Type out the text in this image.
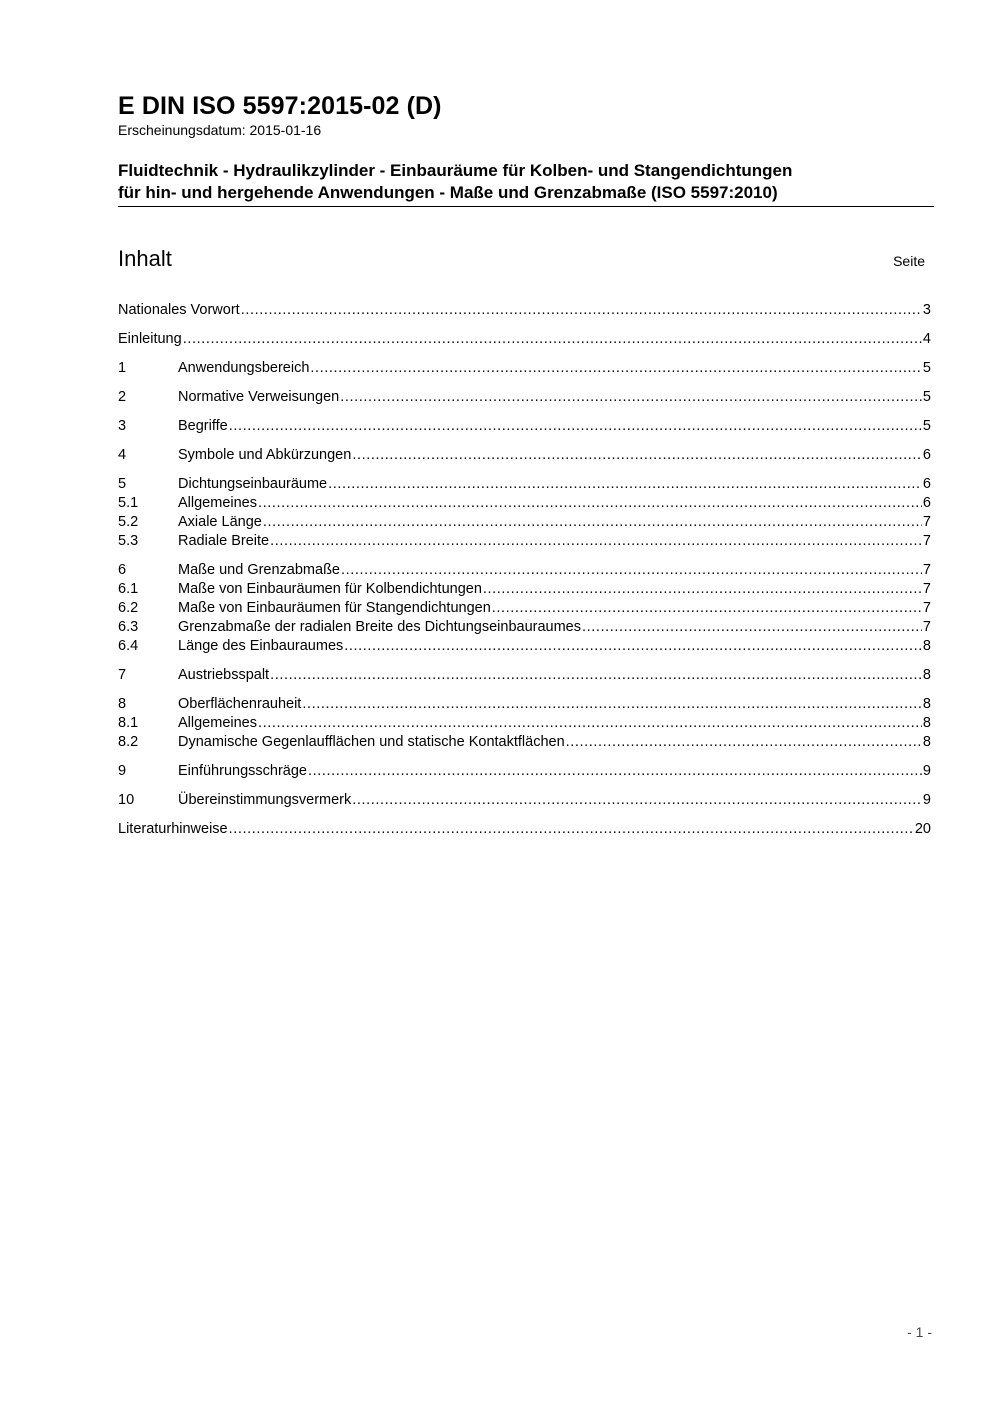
E DIN ISO 5597:2015-02 (D)
Erscheinungsdatum: 2015-01-16
Fluidtechnik - Hydraulikzylinder - Einbauräume für Kolben- und Stangendichtungen
für hin- und hergehende Anwendungen - Maße und Grenzabmaße (ISO 5597:2010)
Inhalt	Seite
Nationales Vorwort .....	3
Einleitung .....	4
1	Anwendungsbereich .....	5
2	Normative Verweisungen .....	5
3	Begriffe .....	5
4	Symbole und Abkürzungen .....	6
5	Dichtungseinbauräume .....	6
5.1	Allgemeines .....	6
5.2	Axiale Länge .....	7
5.3	Radiale Breite .....	7
6	Maße und Grenzabmaße .....	7
6.1	Maße von Einbauräumen für Kolbendichtungen .....	7
6.2	Maße von Einbauräumen für Stangendichtungen .....	7
6.3	Grenzabmaße der radialen Breite des Dichtungseinbauraumes .....	7
6.4	Länge des Einbauraumes .....	8
7	Austriebsspalt .....	8
8	Oberflächenrauheit .....	8
8.1	Allgemeines .....	8
8.2	Dynamische Gegenlaufflächen und statische Kontaktflächen .....	8
9	Einführungsschräge .....	9
10	Übereinstimmungsvermerk .....	9
Literaturhinweise .....	20
- 1 -
